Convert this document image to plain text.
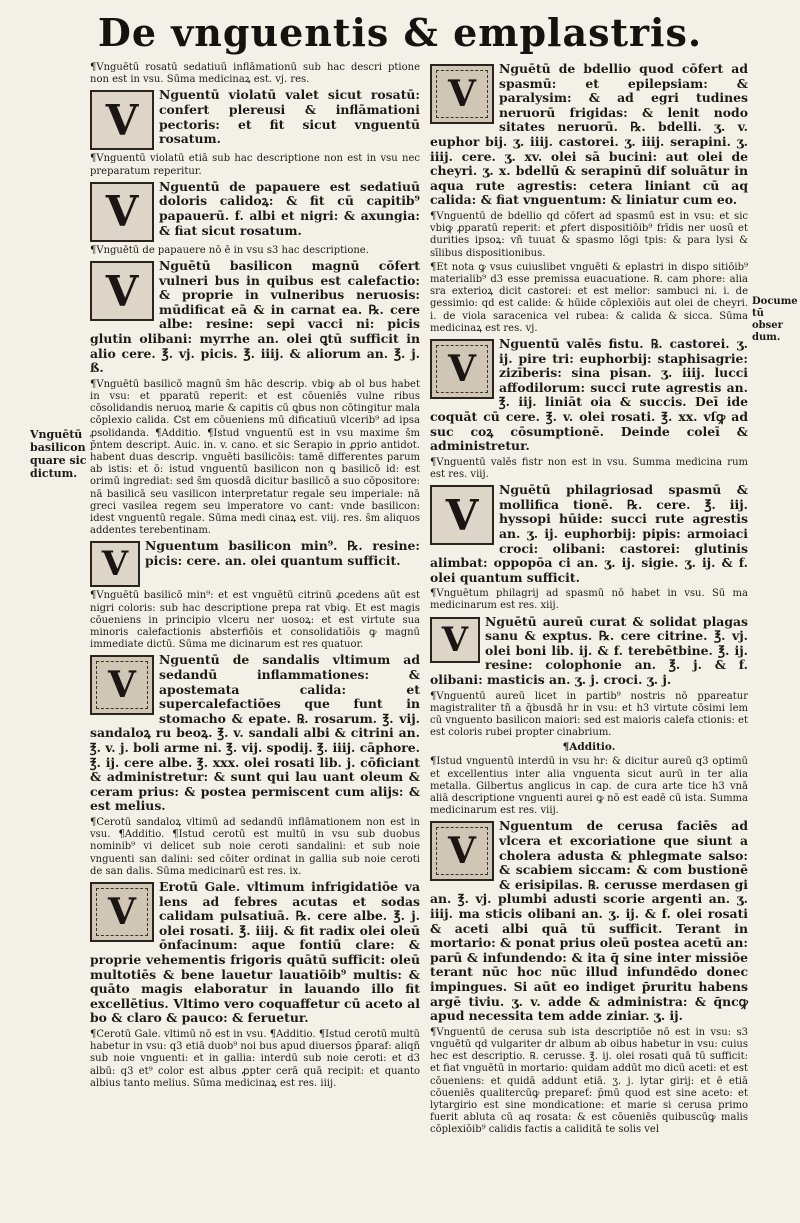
De vnguentis & emplastris.
Vnguētū basilicon quare sic dictum.
Docume tū obser dum.

¶Vnguētū rosatū sedatiuū inflāmationū sub hac descri ptione non est in vsu. Sūma medicinaꝝ est. vj. res.

V

Nguentū violatū valet sicut rosatū: confert plereusi & inflāmationi pectoris: et fit sicut vnguentū rosatum.

¶Vnguentū violatū etiā sub hac descriptione non est in vsu nec preparatum reperitur.

V

Nguentū de papauere est sedatiuū doloris calidoꝝ: & fit cū capitib⁹ papauerū. f. albi et nigri: & axungia: & fiat sicut rosatum.

¶Vnguētū de papauere nō ē in vsu s3 hac descriptione.

V

Nguētū basilicon magnū cōfert vulneri bus in quibus est calefactio: & proprie in vulneribus neruosis: mūdificat eā & in carnat ea. ℞. cere albe: resine: sepi vacci ni: picis glutin olibani: myrrhe an. olei ꝗtū sufficit in alio cere. ℥. vj. picis. ℥. iiij. & aliorum an. ℥. j. ß.

¶Vnguētū basilicō magnū s̄m hāc descrip. vbiꝙ ab ol bus habet in vsu: et pparatū reperit: et est cōueniēs vulne ribus cōsolidandis neruoꝝ marie & capitis cū ꝗbus non cōtingitur mala cōplexio calida. ℂst em cōueniens mū dificatiuū vlcerib⁹ ad ipsa ꝓsolidanda. ¶Additio. ¶Istud vnguentū est in vsu maxime s̄m p̄ntem descript. Auic. in. v. cano. et sic Serapio in ꝓprio antidot. habent duas descrip. vnguēti basilicōis: tamē differentes parum ab istis: et ō: istud vnguentū basilicon non ꝗ basilicō id: est orimū ingrediat: sed s̄m quosdā dicitur basilicō a suo cōpositore: nā basilicā seu vasilicon interpretatur regale seu imperiale: nā greci vasilea regem seu imperatore vo cant: vnde basilicon: idest vnguentū regale. Sūma medi cinaꝝ est. viij. res. s̄m aliquos addentes terebentinam.

V	Nguentum basilicon min⁹. ℞. resine: picis: cere. an. olei quantum sufficit.

¶Vnguētū basilicō min⁹: et est vnguētū citrinū ꝓcedens aūt est nigri coloris: sub hac descriptione prepa rat vbiꝙ. Et est magis cōueniens in principio vlceru ner uosoꝝ: et est virtute sua minoris calefactionis absterfiōis et consolidatiōis ꝙ magnū immediate dictū. Sūma me dicinarum est res quatuor.

V

Nguentū de sandalis vltimum ad sedandū inflammationes: & apostemata calida: et supercalefactiōes que funt in stomacho & epate. ℞. rosarum. ℥. vij. sandaloꝝ ru beoꝝ. ℥. v. sandali albi & citrini an. ℥. v. j. boli arme ni. ℥. vij. spodij. ℥. iiij. cāphore. ℥. ij. cere albe. ℥. xxx. olei rosati lib. j. cōficiant & administretur: & sunt qui lau uant oleum & ceram prius: & postea permiscent cum alijs: & est melius.

¶Cerotū sandaloꝝ vltimū ad sedandū inflāmationem non est in vsu. ¶Additio. ¶Istud cerotū est multū in vsu sub duobus nominib⁹ vi delicet sub noie ceroti sandalini: et sub noie vnguenti san dalini: sed cōiter ordinat in gallia sub noie ceroti de san dalis. Sūma medicinarū est res. ix.

V

Erotū Gale. vltimum infrigidatiōe va lens ad febres acutas et sodas calidam pulsatiuā. ℞. cere albe. ℥. j. olei rosati. ℥. iiij. & fit radix olei oleū ōnfacinum: aque fontiū clare: & proprie vehementis frigoris quātū sufficit: oleū multotiēs & bene lauetur lauatiōib⁹ multis: & quāto magis elaboratur in lauando illo fit excellētius. Vltimo vero coquaffetur cū aceto al bo & claro & pauco: & feruetur.

¶Cerotū Gale. vltimū nō est in vsu. ¶Additio. ¶Istud cerotū multū habetur in vsu: q3 etiā duob⁹ noi bus apud diuersos p̄paraf: aliqñ sub noie vnguenti: et in gallia: interdū sub noie ceroti: et d3 albū: q3 et⁹ color est albus ꝓpter cerā quā recipit: et quanto albius tanto melius. Sūma medicinaꝝ est res. iiij.

V

Nguētū de bdellio quod cōfert ad spasmū: et epilepsiam: & paralysim: & ad egri tudines neruorū frigidas: & lenit nodo sitates neruorū. ℞. bdelli. ʒ. v. euphor bij. ʒ. iiij. castorei. ʒ. iiij. serapini. ʒ. iiij. cere. ʒ. xv. olei sā bucini: aut olei de cheyri. ʒ. x. bdellū & serapinū dif soluātur in aqua rute agrestis: cetera liniant cū aq calida: & fiat vnguentum: & liniatur cum eo.

¶Vnguentū de bdellio qd cōfert ad spasmū est in vsu: et sic vbiꝙ ꝓparatū reperit: et ꝓfert dispositiōib⁹ frīdis ner uosū et durities ipsoꝝ: vñ tuuat & spasmo lōgi tpis: & para lysi & sīlibus dispositionibus.

¶Et nota ꝙ vsus cuiuslibet vnguēti & eplastri in dispo sitiōib⁹ materialib⁹ d3 esse premissa euacuatione. ℞. cam phore: alia sra exterioꝝ dicit castorei: et est melior: sambuci ni. i. de gessimio: qd est calide: & hūide cōplexiōis aut olei de cheyri. i. de viola saracenica vel rubea: & calida & sicca. Sūma medicinaꝝ est res. vj.

V

Nguentū valēs fistu. ℞. castorei. ʒ. ij. pire tri: euphorbij: staphisagrie: zizīberis: sina pisan. ʒ. iiij. lucci affodilorum: succi rute agrestis an. ℥. iij. liniāt oia & succis. Deī ide coquāt cū cere. ℥. v. olei rosati. ℥. xx. vſꝙ ad suc coꝝ cōsumptionē. Deinde coleī & administretur.

¶Vnguentū valēs fistr non est in vsu. Summa medicina rum est res. viij.

V

Nguētū philagriosad spasmū & mollifica tionē. ℞. cere. ℥. iij. hyssopi hūide: succi rute agrestis an. ʒ. ij. euphorbij: pipis: armoiaci croci: olibani: castorei: glutinis alimbat: oppopōa ci an. ʒ. ij. sigie. ʒ. ij. & f. olei quantum sufficit.

¶Vnguētum philagrij ad spasmū nō habet in vsu. Sū ma medicinarum est res. xiij.

V	Nguētū aureū curat & solidat plagas sanu & exptus. ℞. cere citrine. ℥. vj. olei boni lib. ij. & f. terebētbine. ℥. ij. resine: colophonie an. ℥. j. & f. olibani: masticis an. ʒ. j. croci. ʒ. j.

¶Vnguentū aureū licet in partib⁹ nostris nō ppareatur magistraliter tñ a q̄busdā hr in vsu: et h3 virtute cōsimi lem cū vnguento basilicon maiori: sed est maioris calefa ctionis: et est coloris rubei propter cinabrium.

¶Additio.

¶Istud vnguentū interdū in vsu hr: & dicitur aureū q3 optimū et excellentius inter alia vnguenta sicut aurū in ter alia metalla. Gilbertus anglicus in cap. de cura arte tice h3 vnā aliā descriptione vnguenti aurei ꝙ nō est eadē cū ista. Summa medicinarum est res. viij.

V

Nguentum de cerusa faciēs ad vlcera et excoriatione que siunt a cholera adusta & phlegmate salso: & scabiem siccam: & com bustionē & erisipilas. ℞. cerusse merdasen gi an. ℥. vj. plumbi adusti scorie argenti an. ʒ. iiij. ma sticis olibani an. ʒ. ij. & f. olei rosati & aceti albi quā tū sufficit. Terant in mortario: & ponat prius oleū postea acetū an: parū & infundendo: & ita q̄ sine inter missiōe terant nūc hoc nūc illud infundēdo donec impingues. Si aūt eo indiget p̄ruritu habens argē tiviu. ʒ. v. adde & administra: & q̄ncꝙ apud necessita tem adde ziniar. ʒ. ij.

¶Vnguentū de cerusa sub ista descriptiōe nō est in vsu: s3 vnguētū qd vulgariter dr album ab oibus habetur in vsu: cuius hec est descriptio. ℞. cerusse. ℥. ij. olei rosati quā tū sufficit: et fiat vnguētū in mortario: quidam addūt mo dicū aceti: et est cōueniens: et quidā addunt etiā. ʒ. j. lytar girij: et ē etiā cōueniēs qualitercūꝙ prepareť: p̄mū quod est sine aceto: et lytargirio est sine mondicatione: et marie si cerusa primo fuerit abluta cū aq rosata: & est cōueniēs quibuscūꝙ malis cōplexiōib⁹ calidis factis a caliditā te solis vel
